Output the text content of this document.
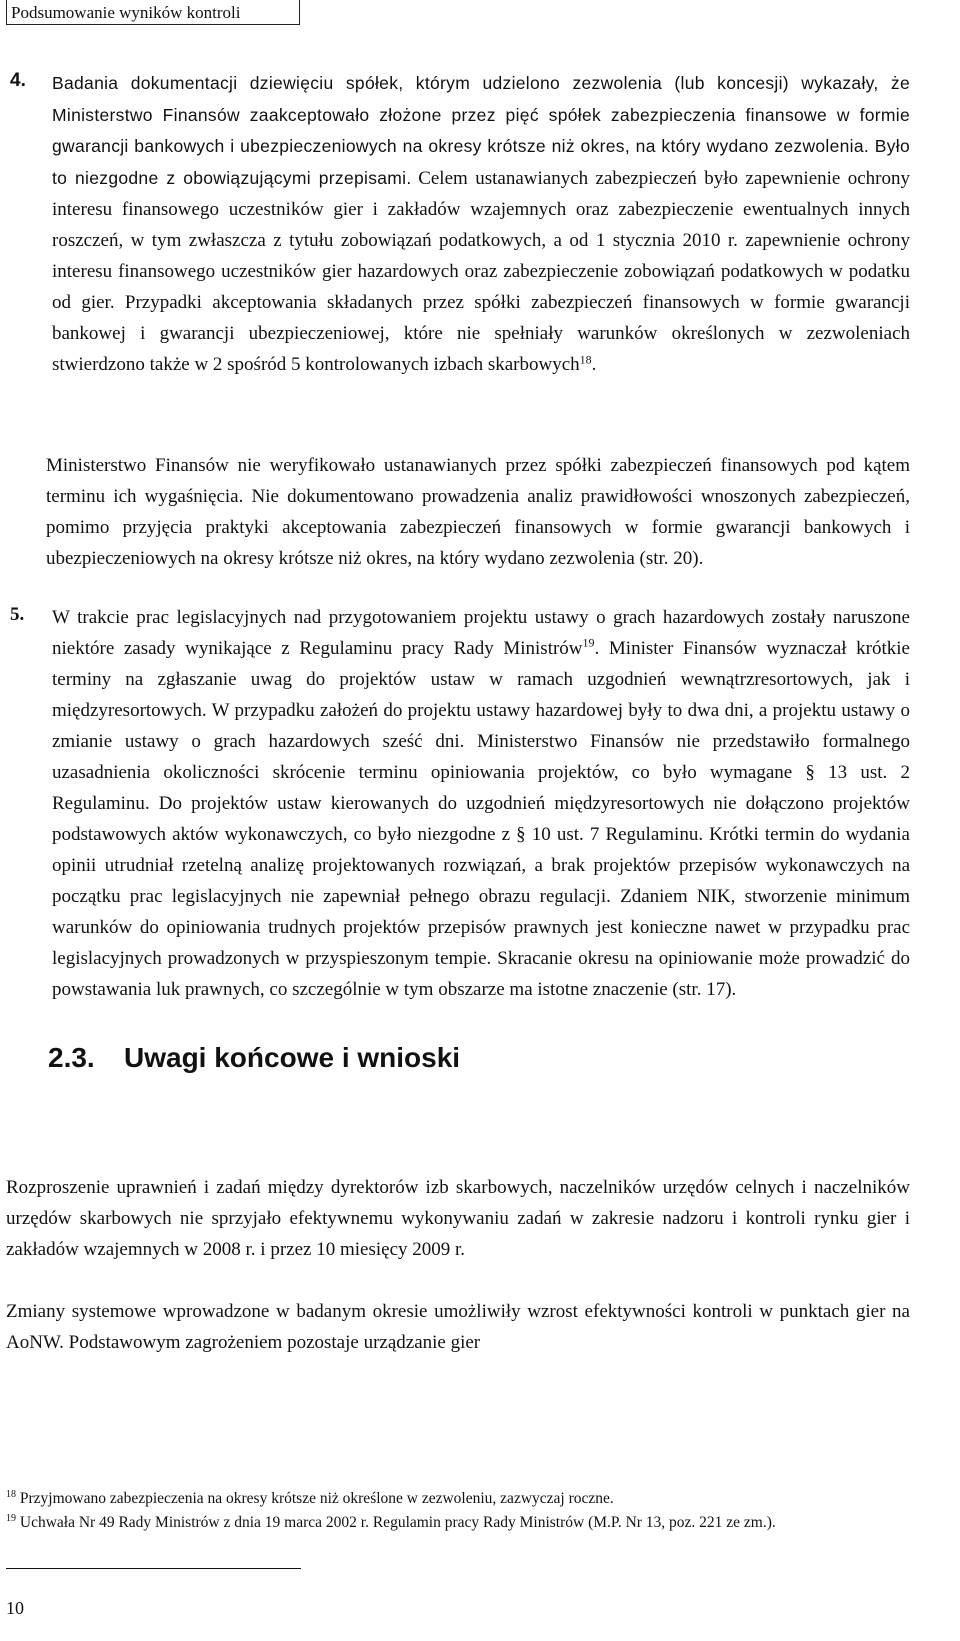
Podsumowanie wyników kontroli
4. Badania dokumentacji dziewięciu spółek, którym udzielono zezwolenia (lub koncesji) wykazały, że Ministerstwo Finansów zaakceptowało złożone przez pięć spółek zabezpieczenia finansowe w formie gwarancji bankowych i ubezpieczeniowych na okresy krótsze niż okres, na który wydano zezwolenia. Było to niezgodne z obowiązującymi przepisami. Celem ustanawianych zabezpieczeń było zapewnienie ochrony interesu finansowego uczestników gier i zakładów wzajemnych oraz zabezpieczenie ewentualnych innych roszczeń, w tym zwłaszcza z tytułu zobowiązań podatkowych, a od 1 stycznia 2010 r. zapewnienie ochrony interesu finansowego uczestników gier hazardowych oraz zabezpieczenie zobowiązań podatkowych w podatku od gier. Przypadki akceptowania składanych przez spółki zabezpieczeń finansowych w formie gwarancji bankowej i gwarancji ubezpieczeniowej, które nie spełniały warunków określonych w zezwoleniach stwierdzono także w 2 spośród 5 kontrolowanych izbach skarbowych$^{18}$.
Ministerstwo Finansów nie weryfikowało ustanawianych przez spółki zabezpieczeń finansowych pod kątem terminu ich wygaśnięcia. Nie dokumentowano prowadzenia analiz prawidłowości wnoszonych zabezpieczeń, pomimo przyjęcia praktyki akceptowania zabezpieczeń finansowych w formie gwarancji bankowych i ubezpieczeniowych na okresy krótsze niż okres, na który wydano zezwolenia (str. 20).
5. W trakcie prac legislacyjnych nad przygotowaniem projektu ustawy o grach hazardowych zostały naruszone niektóre zasady wynikające z Regulaminu pracy Rady Ministrów$^{19}$. Minister Finansów wyznaczał krótkie terminy na zgłaszanie uwag do projektów ustaw w ramach uzgodnień wewnątrzresortowych, jak i międzyresortowych. W przypadku założeń do projektu ustawy hazardowej były to dwa dni, a projektu ustawy o zmianie ustawy o grach hazardowych sześć dni. Ministerstwo Finansów nie przedstawiło formalnego uzasadnienia okoliczności skrócenie terminu opiniowania projektów, co było wymagane § 13 ust. 2 Regulaminu. Do projektów ustaw kierowanych do uzgodnień międzyresortowych nie dołączono projektów podstawowych aktów wykonawczych, co było niezgodne z § 10 ust. 7 Regulaminu. Krótki termin do wydania opinii utrudniał rzetelną analizę projektowanych rozwiązań, a brak projektów przepisów wykonawczych na początku prac legislacyjnych nie zapewniał pełnego obrazu regulacji. Zdaniem NIK, stworzenie minimum warunków do opiniowania trudnych projektów przepisów prawnych jest konieczne nawet w przypadku prac legislacyjnych prowadzonych w przyspieszonym tempie. Skracanie okresu na opiniowanie może prowadzić do powstawania luk prawnych, co szczególnie w tym obszarze ma istotne znaczenie (str. 17).
2.3. Uwagi końcowe i wnioski
Rozproszenie uprawnień i zadań między dyrektorów izb skarbowych, naczelników urzędów celnych i naczelników urzędów skarbowych nie sprzyjało efektywnemu wykonywaniu zadań w zakresie nadzoru i kontroli rynku gier i zakładów wzajemnych w 2008 r. i przez 10 miesięcy 2009 r.
Zmiany systemowe wprowadzone w badanym okresie umożliwiły wzrost efektywności kontroli w punktach gier na AoNW. Podstawowym zagrożeniem pozostaje urządzanie gier
$^{18}$ Przyjmowano zabezpieczenia na okresy krótsze niż określone w zezwoleniu, zazwyczaj roczne.
$^{19}$ Uchwała Nr 49 Rady Ministrów z dnia 19 marca 2002 r. Regulamin pracy Rady Ministrów (M.P. Nr 13, poz. 221 ze zm.).
10
